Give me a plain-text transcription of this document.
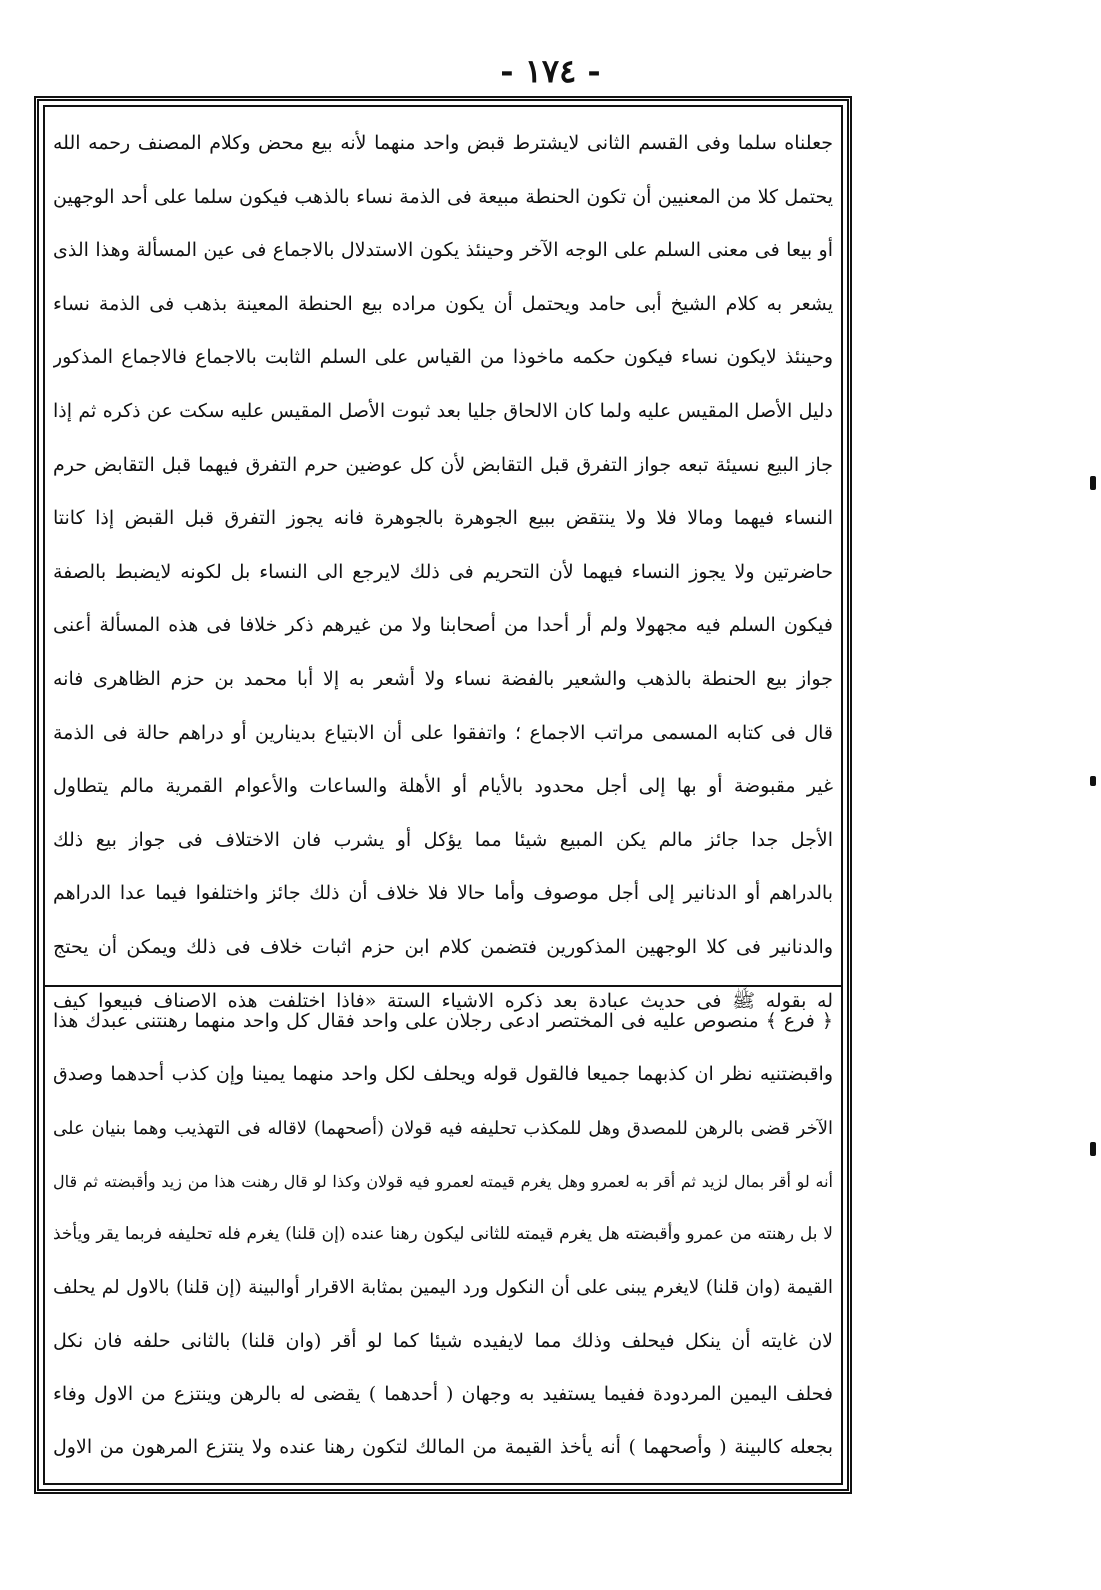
- ١٧٤ -

جعلناه سلما وفى القسم الثانى لايشترط قبض واحد منهما لأنه بيع محض وكلام المصنف رحمه الله
يحتمل كلا من المعنيين أن تكون الحنطة مبيعة فى الذمة نساء بالذهب فيكون سلما على أحد الوجهين
أو بيعا فى معنى السلم على الوجه الآخر وحينئذ يكون الاستدلال بالاجماع فى عين المسألة وهذا الذى
يشعر به كلام الشيخ أبى حامد ويحتمل أن يكون مراده بيع الحنطة المعينة بذهب فى الذمة نساء
وحينئذ لايكون نساء فيكون حكمه ماخوذا من القياس على السلم الثابت بالاجماع فالاجماع المذكور
دليل الأصل المقيس عليه ولما كان الالحاق جليا بعد ثبوت الأصل المقيس عليه سكت عن ذكره ثم إذا
جاز البيع نسيئة تبعه جواز التفرق قبل التقابض لأن كل عوضين حرم التفرق فيهما قبل التقابض حرم
النساء فيهما ومالا فلا ولا ينتقض ببيع الجوهرة بالجوهرة فانه يجوز التفرق قبل القبض إذا كانتا
حاضرتين ولا يجوز النساء فيهما لأن التحريم فى ذلك لايرجع الى النساء بل لكونه لايضبط بالصفة
فيكون السلم فيه مجهولا ولم أر أحدا من أصحابنا ولا من غيرهم ذكر خلافا فى هذه المسألة أعنى
جواز بيع الحنطة بالذهب والشعير بالفضة نساء ولا أشعر به إلا أبا محمد بن حزم الظاهرى فانه
قال فى كتابه المسمى مراتب الاجماع ؛ واتفقوا على أن الابتياع بدينارين أو دراهم حالة فى الذمة
غير مقبوضة أو بها إلى أجل محدود بالأيام أو الأهلة والساعات والأعوام القمرية مالم يتطاول
الأجل جدا جائز مالم يكن المبيع شيئا مما يؤكل أو يشرب فان الاختلاف فى جواز بيع ذلك
بالدراهم أو الدنانير إلى أجل موصوف وأما حالا فلا خلاف أن ذلك جائز واختلفوا فيما عدا الدراهم
والدنانير فى كلا الوجهين المذكورين فتضمن كلام ابن حزم اثبات خلاف فى ذلك ويمكن أن يحتج
له بقوله ﷺ فى حديث عبادة بعد ذكره الاشياء الستة «فاذا اختلفت هذه الاصناف فبيعوا كيف

﴿ فرع ﴾ منصوص عليه فى المختصر ادعى رجلان على واحد فقال كل واحد منهما رهنتنى عبدك هذا
واقبضتنيه نظر ان كذبهما جميعا فالقول قوله ويحلف لكل واحد منهما يمينا وإن كذب أحدهما وصدق
الآخر قضى بالرهن للمصدق وهل للمكذب تحليفه فيه قولان (أصحهما) لاقاله فى التهذيب وهما بنيان على
أنه لو أقر بمال لزيد ثم أقر به لعمرو وهل يغرم قيمته لعمرو فيه قولان وكذا لو قال رهنت هذا من زيد وأقبضته ثم قال
لا بل رهنته من عمرو وأقبضته هل يغرم قيمته للثانى ليكون رهنا عنده (إن قلنا) يغرم فله تحليفه فربما يقر ويأخذ
القيمة (وان قلنا) لايغرم يبنى على أن النكول ورد اليمين بمثابة الاقرار أوالبينة (إن قلنا) بالاول لم يحلف
لان غايته أن ينكل فيحلف وذلك مما لايفيده شيئا كما لو أقر (وان قلنا) بالثانى حلفه فان نكل
فحلف اليمين المردودة ففيما يستفيد به وجهان ( أحدهما ) يقضى له بالرهن وينتزع من الاول وفاء
بجعله كالبينة ( وأصحهما ) أنه يأخذ القيمة من المالك لتكون رهنا عنده ولا ينتزع المرهون من الاول
